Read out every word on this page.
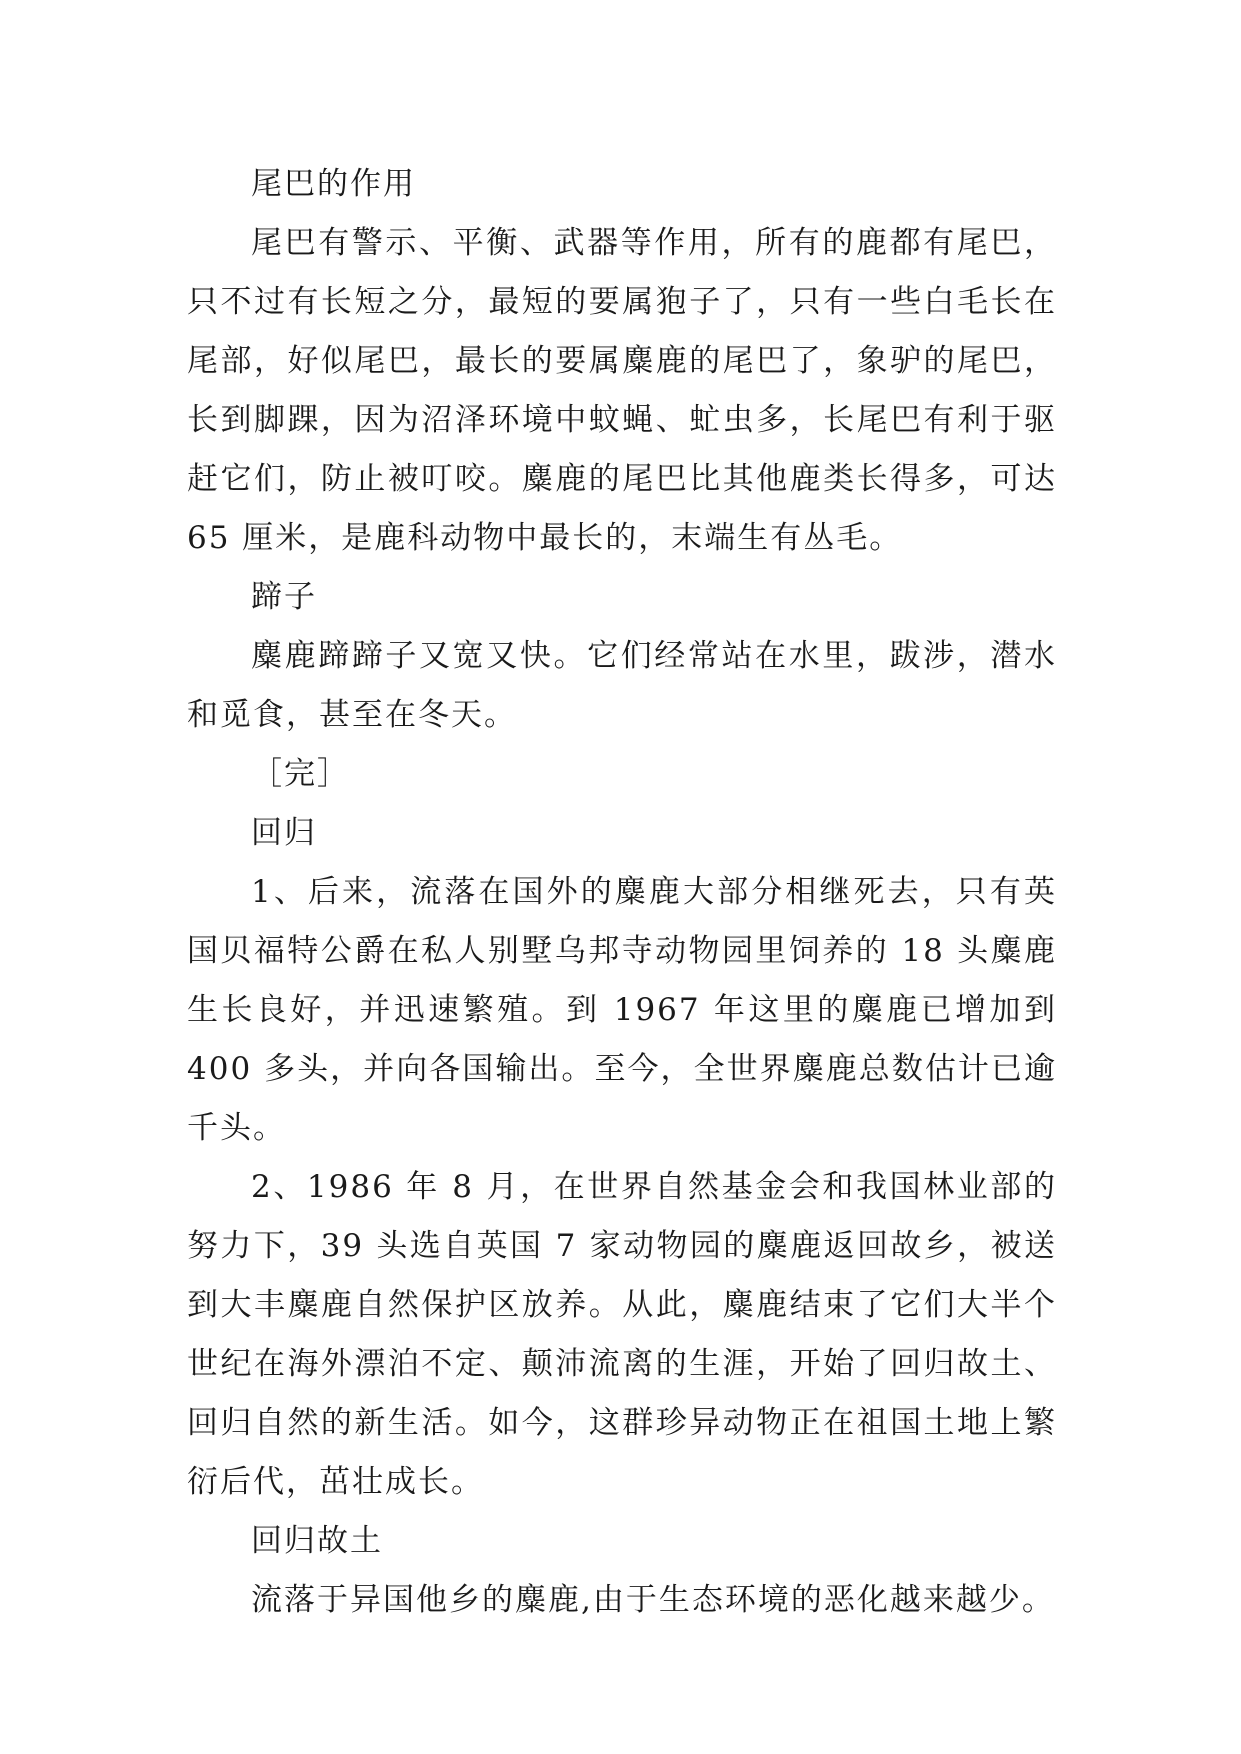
尾巴的作用

尾巴有警示、平衡、武器等作用，所有的鹿都有尾巴，只不过有长短之分，最短的要属狍子了，只有一些白毛长在尾部，好似尾巴，最长的要属麋鹿的尾巴了，象驴的尾巴，长到脚踝，因为沼泽环境中蚊蝇、虻虫多，长尾巴有利于驱赶它们，防止被叮咬。麋鹿的尾巴比其他鹿类长得多，可达65 厘米，是鹿科动物中最长的，末端生有丛毛。

蹄子

麋鹿蹄蹄子又宽又快。它们经常站在水里，跋涉，潜水和觅食，甚至在冬天。

［完］

回归

1、后来，流落在国外的麋鹿大部分相继死去，只有英国贝福特公爵在私人别墅乌邦寺动物园里饲养的 18 头麋鹿生长良好，并迅速繁殖。到 1967 年这里的麋鹿已增加到 400 多头，并向各国输出。至今，全世界麋鹿总数估计已逾千头。

2、1986 年 8 月，在世界自然基金会和我国林业部的努力下，39 头选自英国 7 家动物园的麋鹿返回故乡，被送到大丰麋鹿自然保护区放养。从此，麋鹿结束了它们大半个世纪在海外漂泊不定、颠沛流离的生涯，开始了回归故土、回归自然的新生活。如今，这群珍异动物正在祖国土地上繁衍后代，茁壮成长。

回归故土

流落于异国他乡的麋鹿,由于生态环境的恶化越来越少。
